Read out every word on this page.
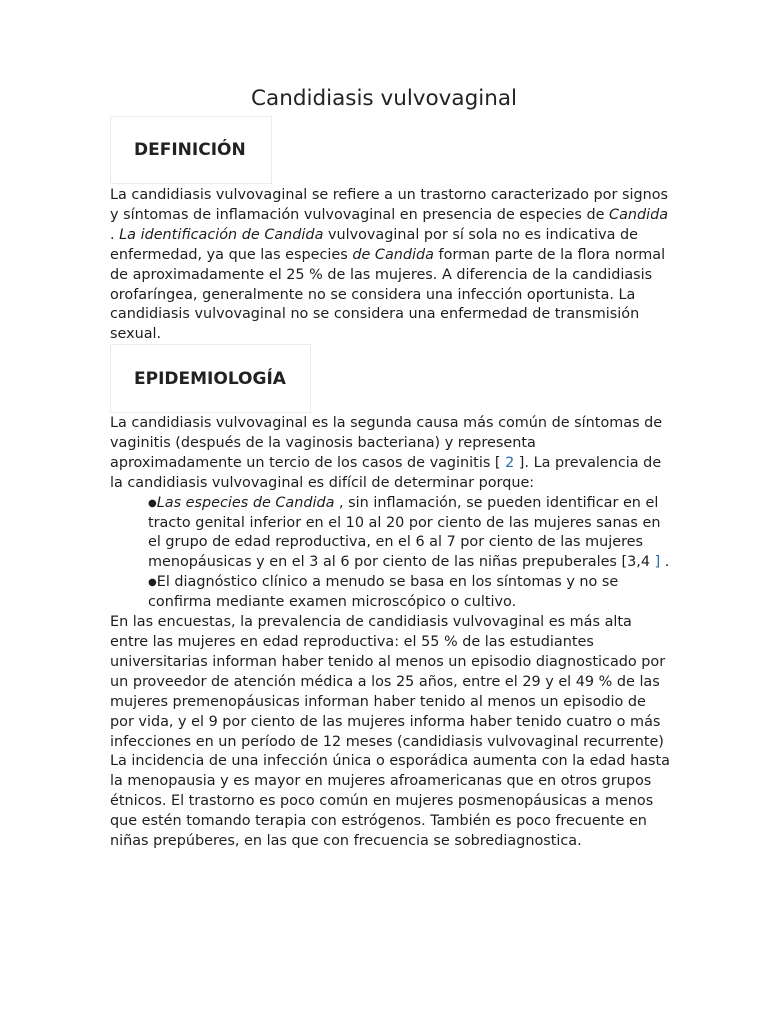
Candidiasis vulvovaginal
DEFINICIÓN

La candidiasis vulvovaginal se refiere a un trastorno caracterizado por signos y síntomas de inflamación vulvovaginal en presencia de especies de Candida . La identificación de Candida vulvovaginal por sí sola no es indicativa de enfermedad, ya que las especies de Candida forman parte de la flora normal de aproximadamente el 25 % de las mujeres. A diferencia de la candidiasis orofaríngea, generalmente no se considera una infección oportunista. La candidiasis vulvovaginal no se considera una enfermedad de transmisión sexual.

EPIDEMIOLOGÍA

La candidiasis vulvovaginal es la segunda causa más común de síntomas de vaginitis (después de la vaginosis bacteriana) y representa aproximadamente un tercio de los casos de vaginitis [ 2 ]. La prevalencia de la candidiasis vulvovaginal es difícil de determinar porque:

●Las especies de Candida , sin inflamación, se pueden identificar en el tracto genital inferior en el 10 al 20 por ciento de las mujeres sanas en el grupo de edad reproductiva, en el 6 al 7 por ciento de las mujeres menopáusicas y en el 3 al 6 por ciento de las niñas prepuberales [3,4 ] .

●El diagnóstico clínico a menudo se basa en los síntomas y no se confirma mediante examen microscópico o cultivo.

En las encuestas, la prevalencia de candidiasis vulvovaginal es más alta entre las mujeres en edad reproductiva: el 55 % de las estudiantes universitarias informan haber tenido al menos un episodio diagnosticado por un proveedor de atención médica a los 25 años, entre el 29 y el 49 % de las mujeres premenopáusicas informan haber tenido al menos un episodio de por vida, y el 9 por ciento de las mujeres informa haber tenido cuatro o más infecciones en un período de 12 meses (candidiasis vulvovaginal recurrente)

La incidencia de una infección única o esporádica aumenta con la edad hasta la menopausia y es mayor en mujeres afroamericanas que en otros grupos étnicos. El trastorno es poco común en mujeres posmenopáusicas a menos que estén tomando terapia con estrógenos. También es poco frecuente en niñas prepúberes, en las que con frecuencia se sobrediagnostica.
